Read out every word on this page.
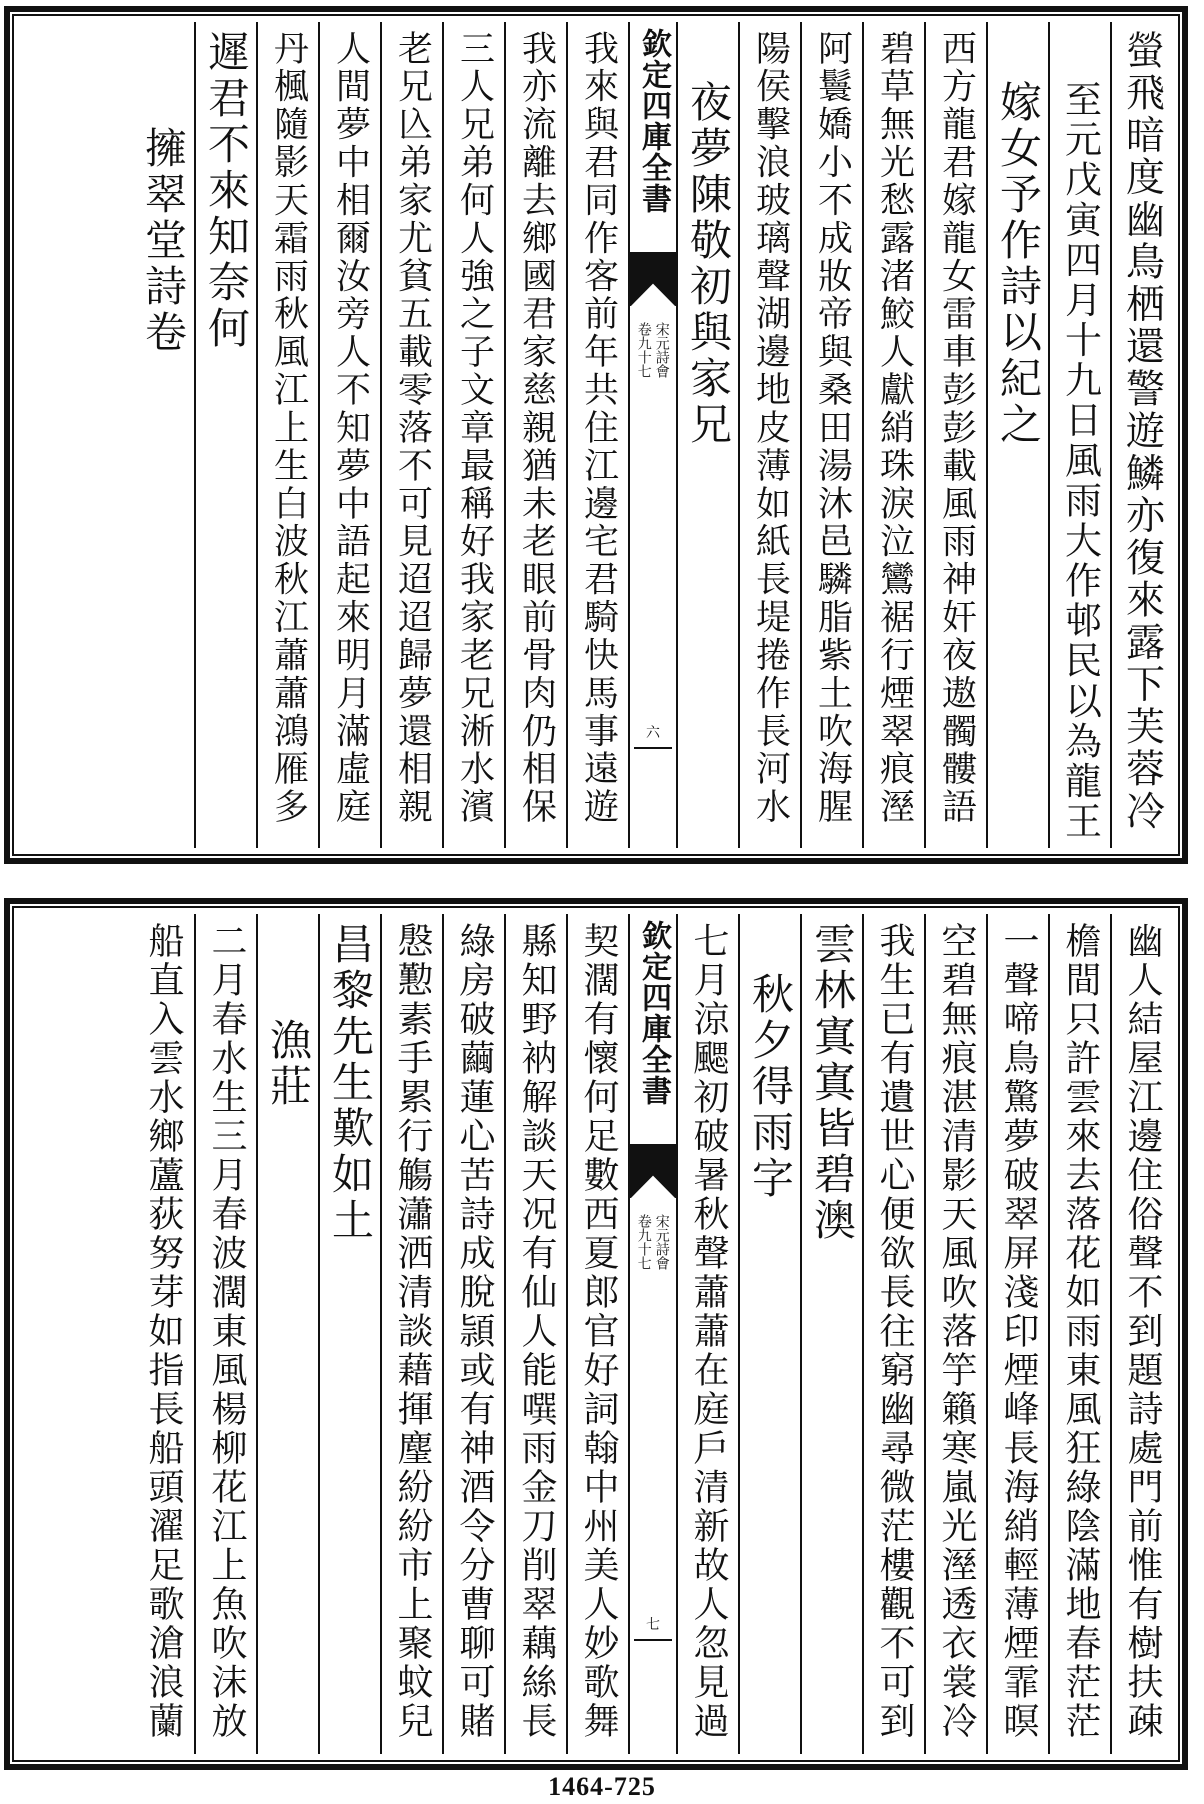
螢飛暗度幽鳥栖還警遊鱗亦復來露下芙蓉冷
至元戊寅四月十九日風雨大作邨民以為龍王
嫁女予作詩以紀之
西方龍君嫁龍女雷車彭彭載風雨神奸夜遨髑髏語
碧草無光愁露渚鮫人獻綃珠淚泣鸞裾行煙翠痕溼
阿鬟嬌小不成妝帝與桑田湯沐邑驎脂紫土吹海腥
陽侯擊浪玻璃聲湖邊地皮薄如紙長堤捲作長河水
夜夢陳敬初與家兄
欽定四庫全書
宋元詩會
卷九十七
六
我來與君同作客前年共住江邊宅君騎快馬事遠遊
我亦流離去鄉國君家慈親猶未老眼前骨肉仍相保
三人兄弟何人強之子文章最稱好我家老兄淅水濱
老兄兦弟家尤貧五載零落不可見迢迢歸夢還相親
人間夢中相爾汝旁人不知夢中語起來明月滿虛庭
丹楓隨影天霜雨秋風江上生白波秋江蕭蕭鴻雁多
遲君不來知奈何
擁翠堂詩卷
幽人結屋江邊住俗聲不到題詩處門前惟有樹扶疎
檐間只許雲來去落花如雨東風狂綠陰滿地春茫茫
一聲啼鳥驚夢破翠屏淺印煙峰長海綃輕薄煙霏暝
空碧無痕湛清影天風吹落竽籟寒嵐光溼透衣裳冷
我生已有遺世心便欲長往窮幽尋微茫樓觀不可到
雲林寘寘皆碧澳
秋夕得雨字
七月涼颸初破暑秋聲蕭蕭在庭戶清新故人忽見過
欽定四庫全書
宋元詩會
卷九十七
七
契濶有懷何足數西夏郎官好詞翰中州美人妙歌舞
縣知野衲解談天况有仙人能噀雨金刀削翠藕絲長
綠房破繭蓮心苦詩成脫頴或有神酒令分曹聊可賭
慇懃素手累行觴瀟洒清談藉揮麈紛紛市上聚蚊兒
昌黎先生歎如土
漁莊
二月春水生三月春波濶東風楊柳花江上魚吹沫放
船直入雲水鄉蘆荻努芽如指長船頭濯足歌滄浪蘭
1464-725
